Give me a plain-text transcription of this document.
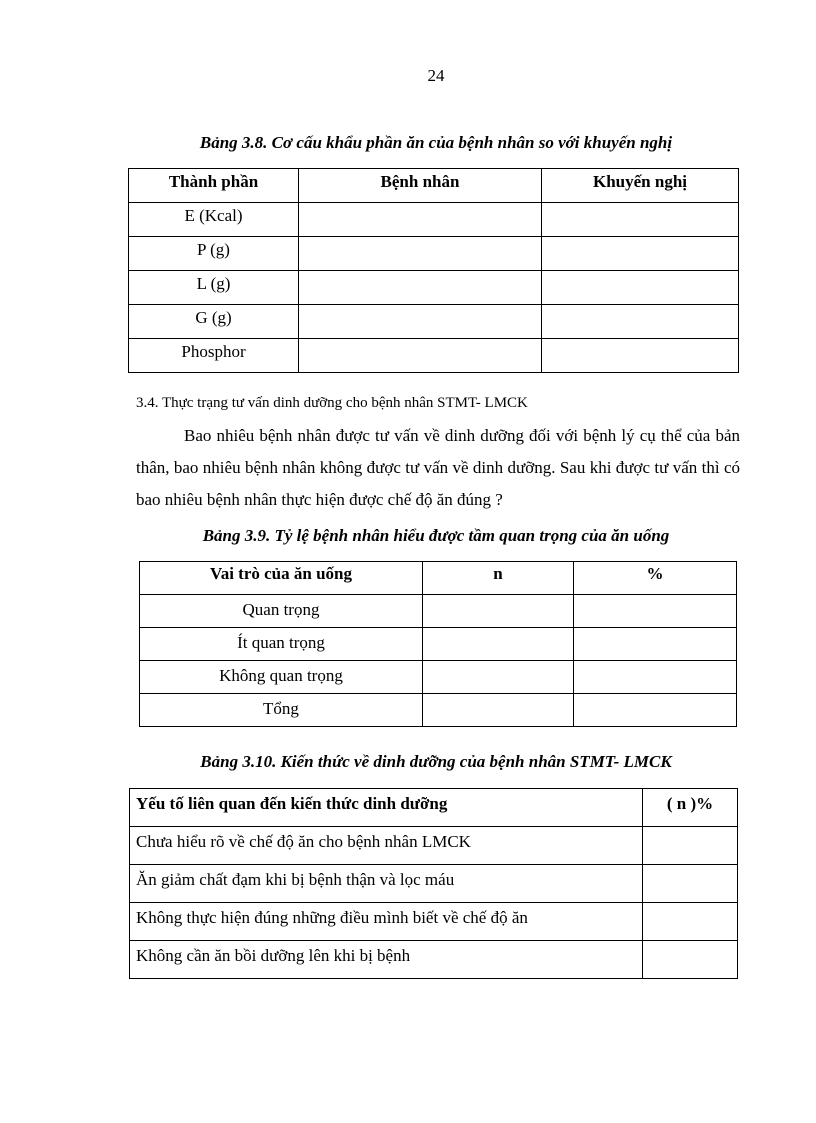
24
Bảng 3.8. Cơ cấu khẩu phần ăn của bệnh nhân so với khuyến nghị
Thành phần	Bệnh nhân	Khuyến nghị
E (Kcal)		
P (g)		
L (g)		
G (g)		
Phosphor		
3.4. Thực trạng tư vấn dinh dưỡng cho bệnh nhân STMT- LMCK
Bao nhiêu bệnh nhân được tư vấn về dinh dưỡng đối với bệnh lý cụ thể của bản thân, bao nhiêu bệnh nhân không được tư vấn về dinh dưỡng. Sau khi được tư vấn thì có bao nhiêu bệnh nhân thực hiện được chế độ ăn đúng ?
Bảng 3.9. Tỷ lệ bệnh nhân hiểu được tầm quan trọng của ăn uống
Vai trò của ăn uống	n	%
Quan trọng		
Ít quan trọng		
Không quan trọng		
Tổng		
Bảng 3.10. Kiến thức về dinh dưỡng của bệnh nhân STMT- LMCK
Yếu tố liên quan đến kiến thức dinh dưỡng	( n )%
Chưa hiểu rõ về chế độ ăn cho bệnh nhân LMCK	
Ăn giảm chất đạm khi bị bệnh thận và lọc máu	
Không thực hiện đúng những điều mình biết về chế độ ăn	
Không cần ăn bồi dưỡng lên khi bị bệnh	
